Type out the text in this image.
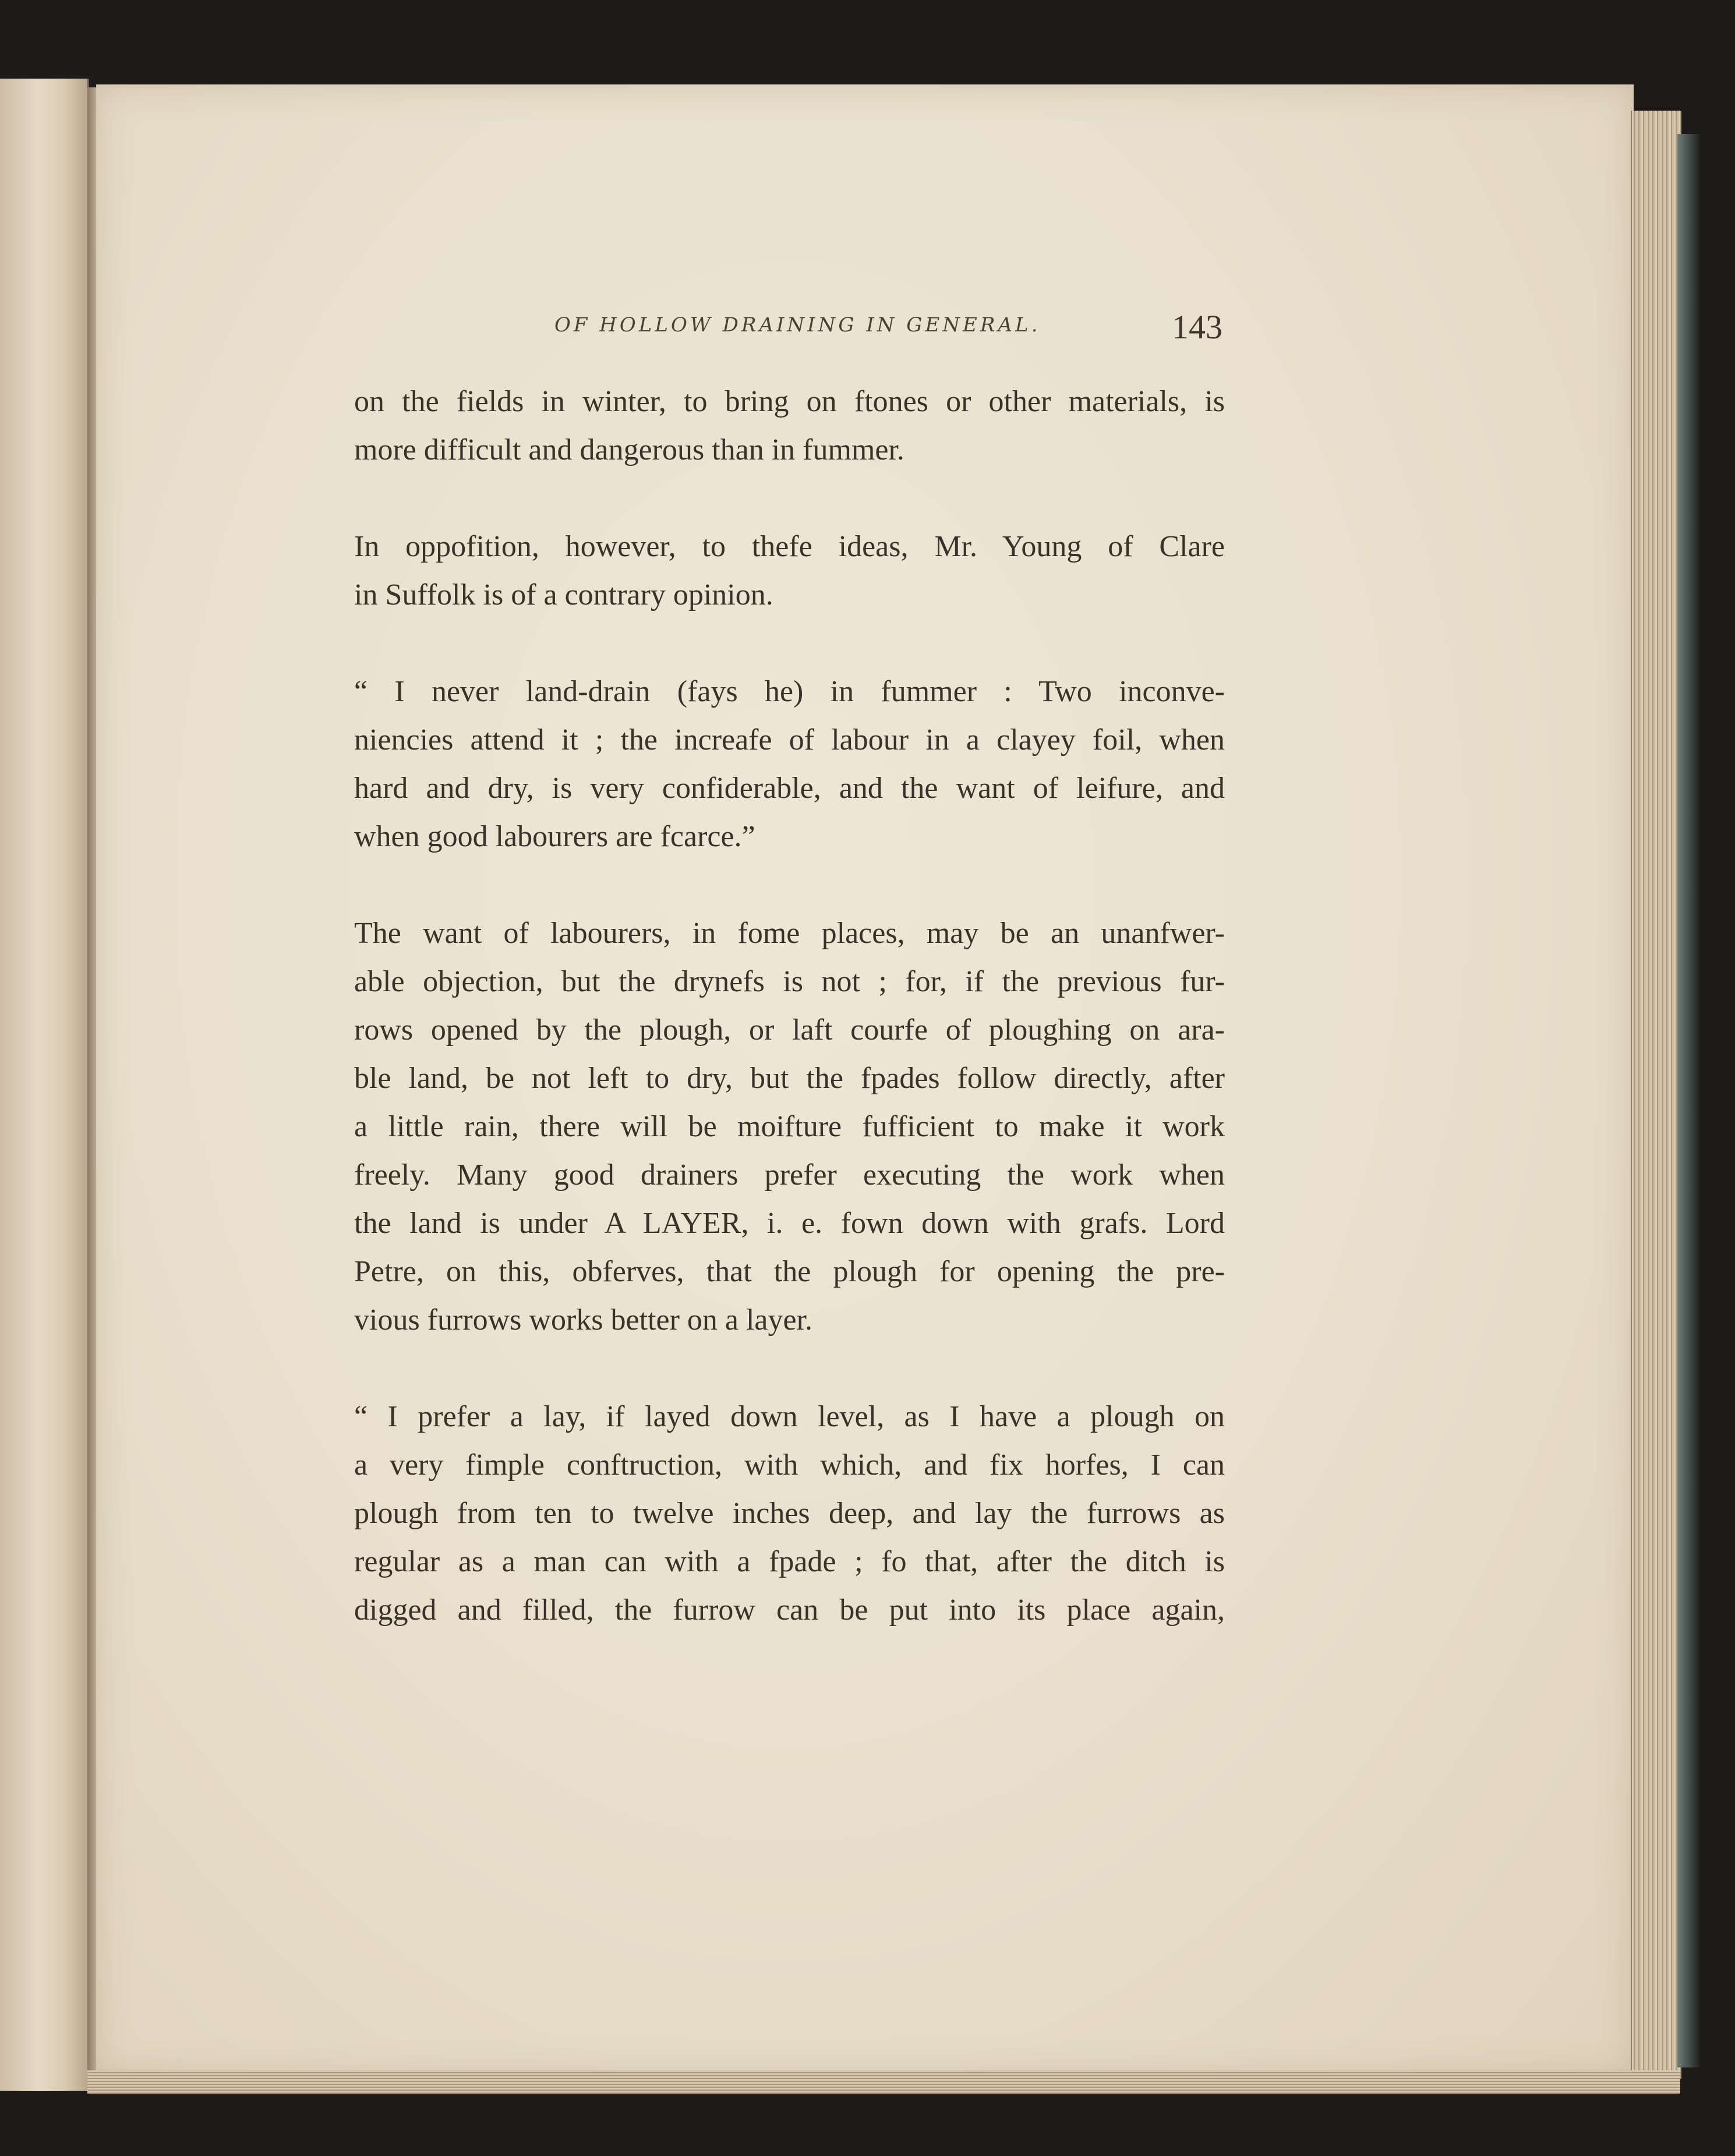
OF HOLLOW DRAINING IN GENERAL.	143

on the fields in winter, to bring on ftones or other materials, is
more difficult and dangerous than in fummer.

In oppofition, however, to thefe ideas, Mr. Young of Clare
in Suffolk is of a contrary opinion.

“ I never land-drain (fays he) in fummer : Two inconve-
niencies attend it ; the increafe of labour in a clayey foil, when
hard and dry, is very confiderable, and the want of leifure, and
when good labourers are fcarce.”

The want of labourers, in fome places, may be an unanfwer-
able objection, but the drynefs is not ; for, if the previous fur-
rows opened by the plough, or laft courfe of ploughing on ara-
ble land, be not left to dry, but the fpades follow directly, after
a little rain, there will be moifture fufficient to make it work
freely. Many good drainers prefer executing the work when
the land is under A LAYER, i. e. fown down with grafs. Lord
Petre, on this, obferves, that the plough for opening the pre-
vious furrows works better on a layer.

“ I prefer a lay, if layed down level, as I have a plough on
a very fimple conftruction, with which, and fix horfes, I can
plough from ten to twelve inches deep, and lay the furrows as
regular as a man can with a fpade ; fo that, after the ditch is
digged and filled, the furrow can be put into its place again,
